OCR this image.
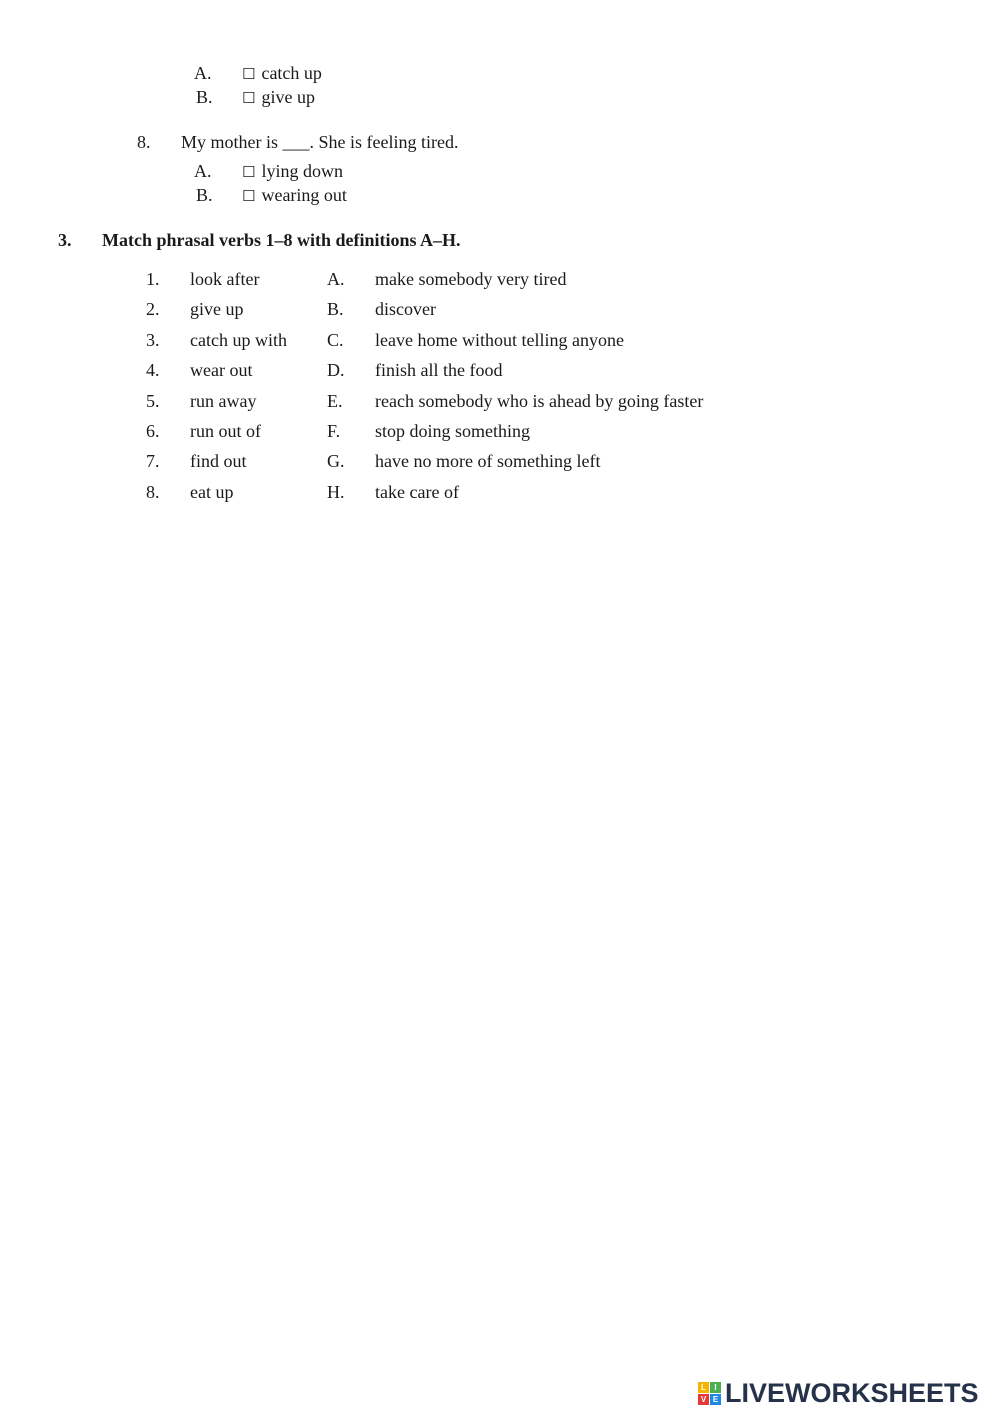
A. ☐ catch up
B. ☐ give up
8. My mother is ___. She is feeling tired.
A. ☐ lying down
B. ☐ wearing out
3. Match phrasal verbs 1–8 with definitions A–H.
1. look after	A. make somebody very tired
2. give up	B. discover
3. catch up with C. leave home without telling anyone
4. wear out	D. finish all the food
5. run away	E. reach somebody who is ahead by going faster
6. run out of	F. stop doing something
7. find out	G. have no more of something left
8. eat up	H. take care of
L	I
V E LIVEWORKSHEETS
